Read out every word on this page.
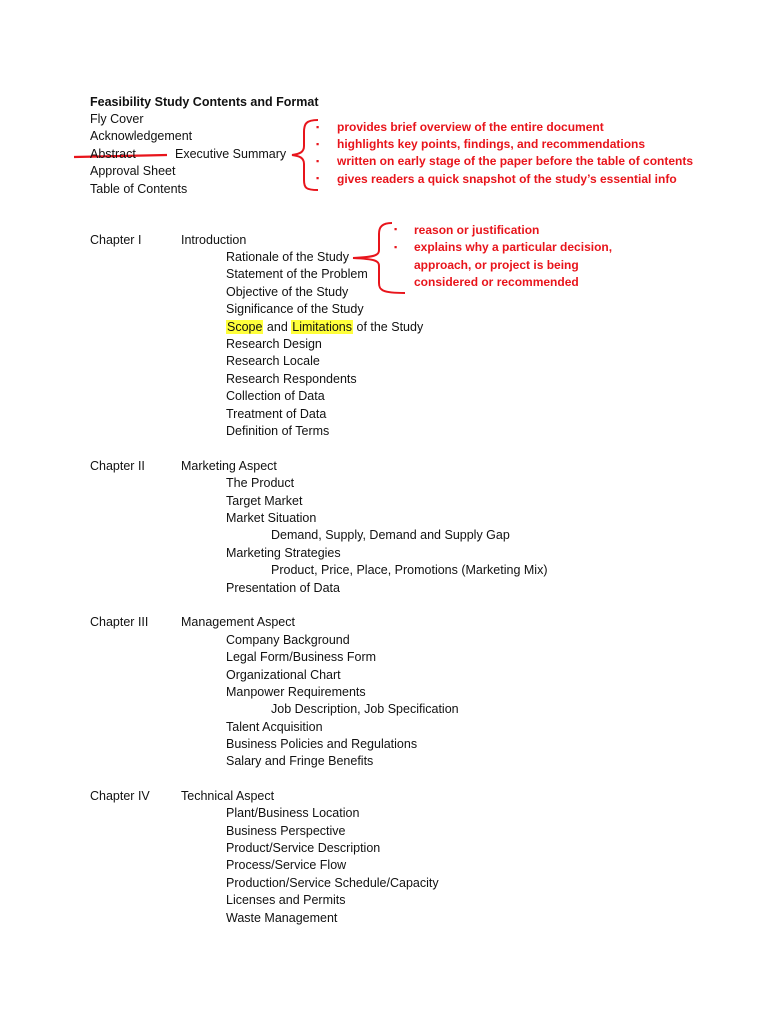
Feasibility Study Contents and Format
Fly Cover
Acknowledgement
Abstract	Executive Summary
Approval Sheet
Table of Contents
▪ provides brief overview of the entire document
▪ highlights key points, findings, and recommendations
▪ written on early stage of the paper before the table of contents
▪ gives readers a quick snapshot of the study’s essential info
▪ reason or justification
▪ explains why a particular decision,
approach, or project is being
considered or recommended
Chapter I	Introduction
Rationale of the Study
Statement of the Problem
Objective of the Study
Significance of the Study
Scope and Limitations of the Study
Research Design
Research Locale
Research Respondents
Collection of Data
Treatment of Data
Definition of Terms
Chapter II	Marketing Aspect
The Product
Target Market
Market Situation
Demand, Supply, Demand and Supply Gap
Marketing Strategies
Product, Price, Place, Promotions (Marketing Mix)
Presentation of Data
Chapter III	Management Aspect
Company Background
Legal Form/Business Form
Organizational Chart
Manpower Requirements
Job Description, Job Specification
Talent Acquisition
Business Policies and Regulations
Salary and Fringe Benefits
Chapter IV Technical Aspect
Plant/Business Location
Business Perspective
Product/Service Description
Process/Service Flow
Production/Service Schedule/Capacity
Licenses and Permits
Waste Management
